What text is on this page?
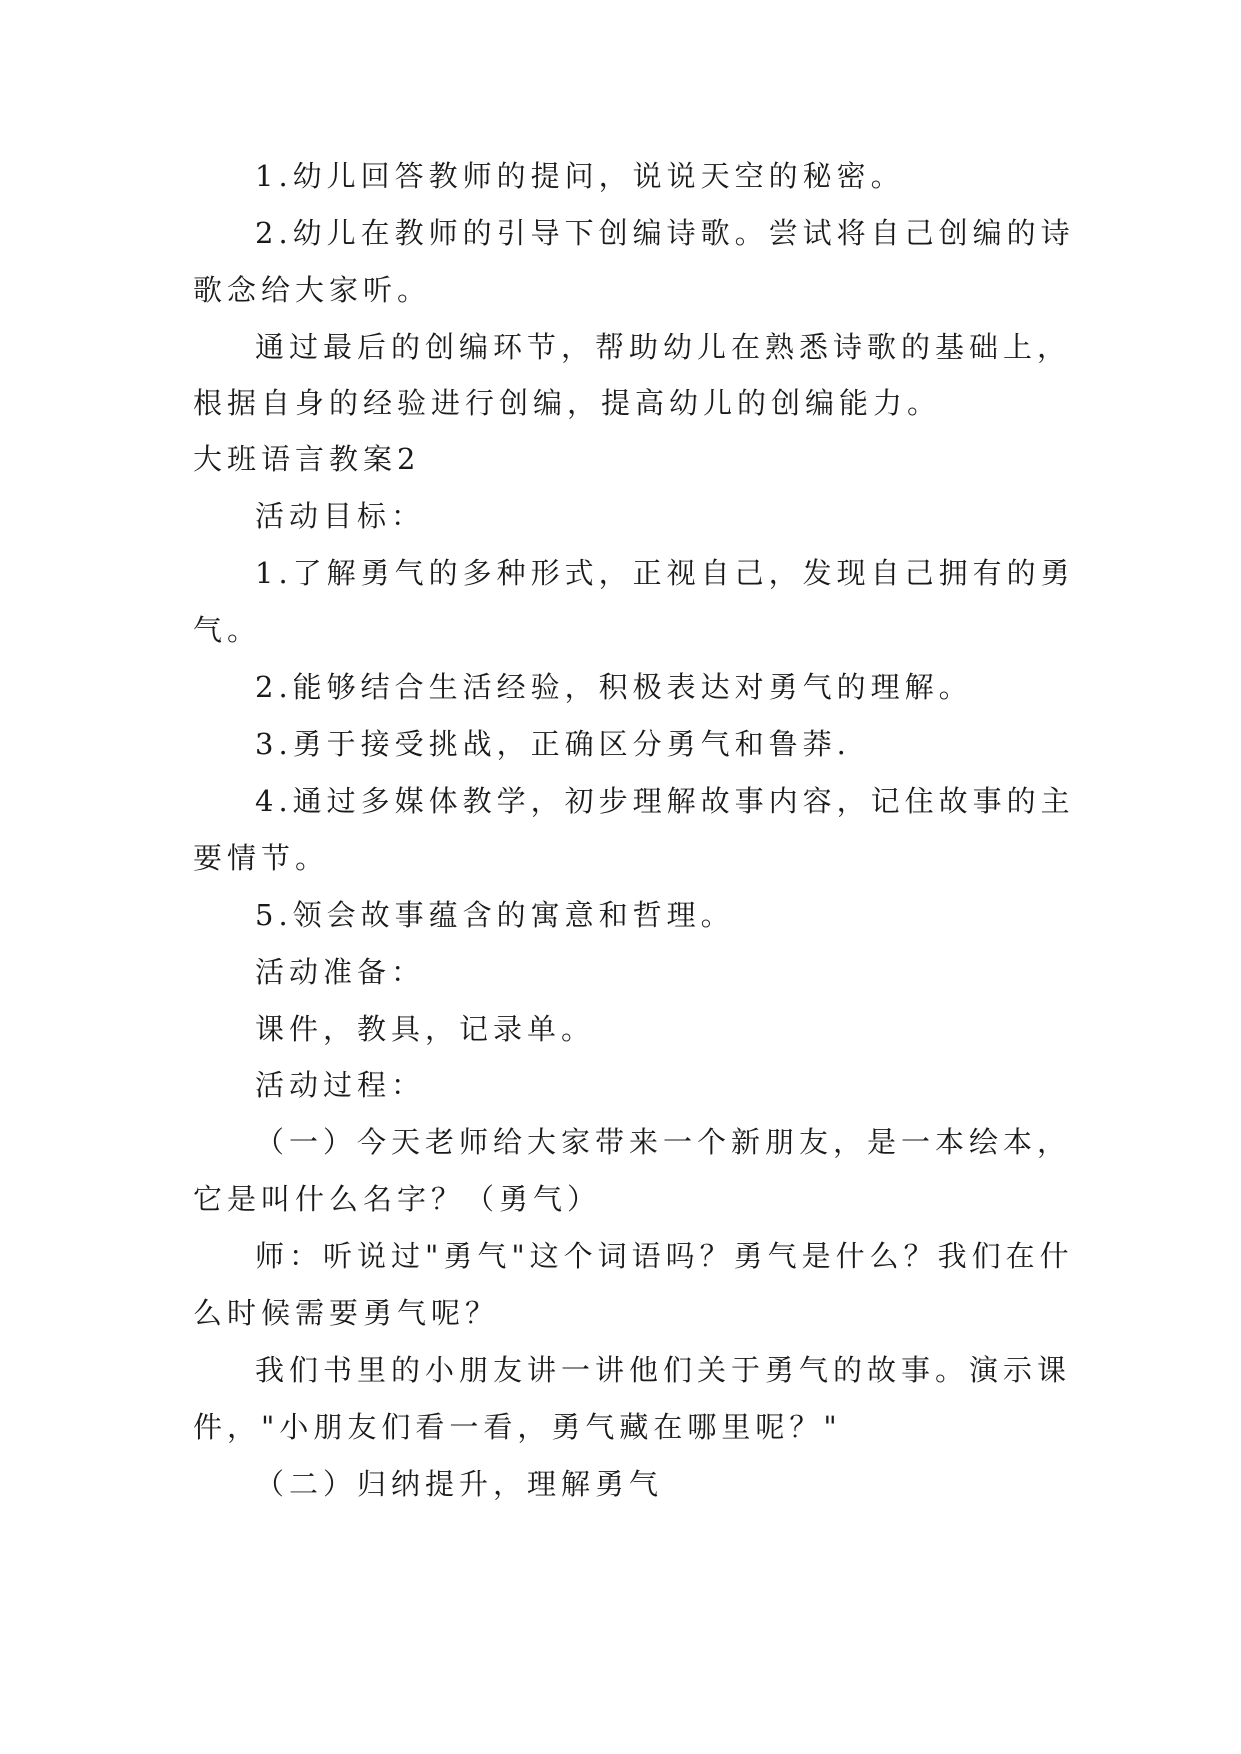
1.幼儿回答教师的提问，说说天空的秘密。
2.幼儿在教师的引导下创编诗歌。尝试将自己创编的诗
歌念给大家听。
通过最后的创编环节，帮助幼儿在熟悉诗歌的基础上，
根据自身的经验进行创编，提高幼儿的创编能力。
大班语言教案2
活动目标：
1.了解勇气的多种形式，正视自己，发现自己拥有的勇
气。
2.能够结合生活经验，积极表达对勇气的理解。
3.勇于接受挑战，正确区分勇气和鲁莽.
4.通过多媒体教学，初步理解故事内容，记住故事的主
要情节。
5.领会故事蕴含的寓意和哲理。
活动准备：
课件，教具，记录单。
活动过程：
（一）今天老师给大家带来一个新朋友，是一本绘本，
它是叫什么名字？（勇气）
师：听说过"勇气"这个词语吗？勇气是什么？我们在什
么时候需要勇气呢？
我们书里的小朋友讲一讲他们关于勇气的故事。演示课
件，"小朋友们看一看，勇气藏在哪里呢？"
（二）归纳提升，理解勇气
